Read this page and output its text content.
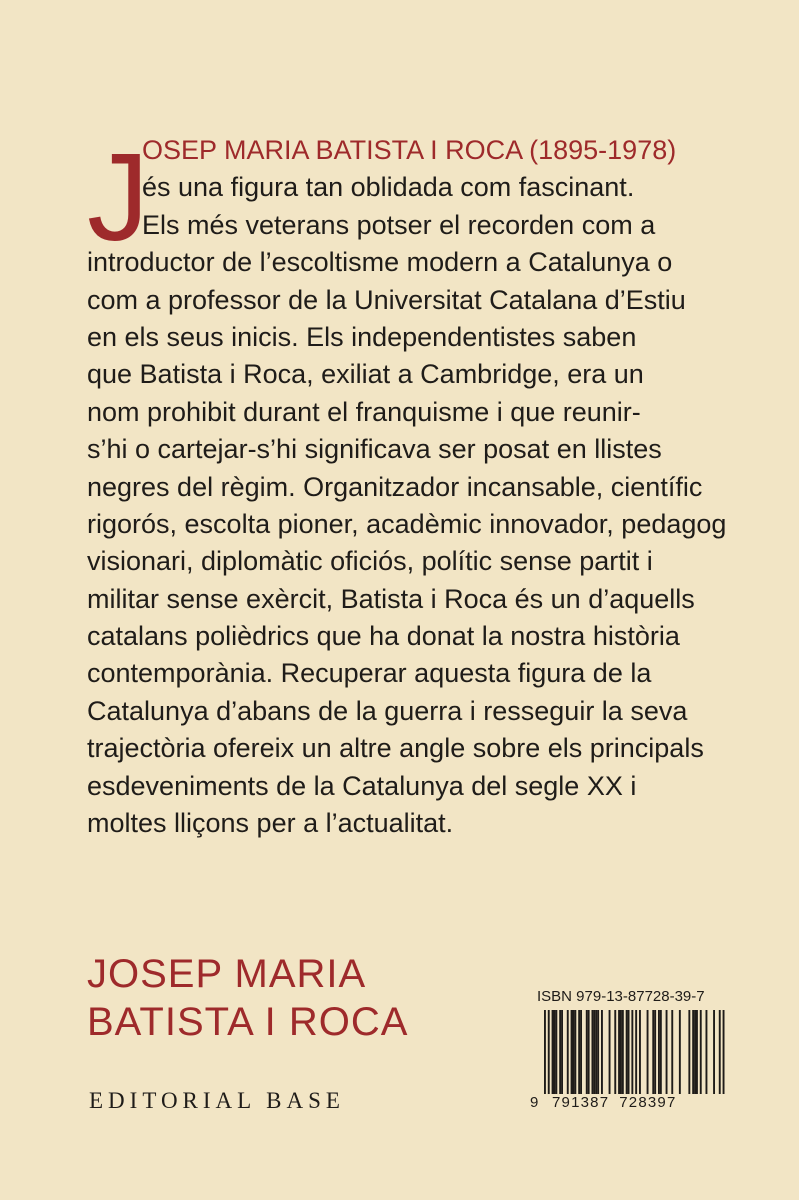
J
OSEP MARIA BATISTA I ROCA (1895-1978)
és una figura tan oblidada com fascinant.
Els més veterans potser el recorden com a
introductor de l’escoltisme modern a Catalunya o
com a professor de la Universitat Catalana d’Estiu
en els seus inicis. Els independentistes saben
que Batista i Roca, exiliat a Cambridge, era un
nom prohibit durant el franquisme i que reunir-
s’hi o cartejar-s’hi significava ser posat en llistes
negres del règim. Organitzador incansable, científic
rigorós, escolta pioner, acadèmic innovador, pedagog
visionari, diplomàtic oficiós, polític sense partit i
militar sense exèrcit, Batista i Roca és un d’aquells
catalans polièdrics que ha donat la nostra història
contemporània. Recuperar aquesta figura de la
Catalunya d’abans de la guerra i resseguir la seva
trajectòria ofereix un altre angle sobre els principals
esdeveniments de la Catalunya del segle XX i
moltes lliçons per a l’actualitat.
JOSEP MARIA
BATISTA I ROCA
EDITORIAL BASE
ISBN 979-13-87728-39-7
9 791387 728397
